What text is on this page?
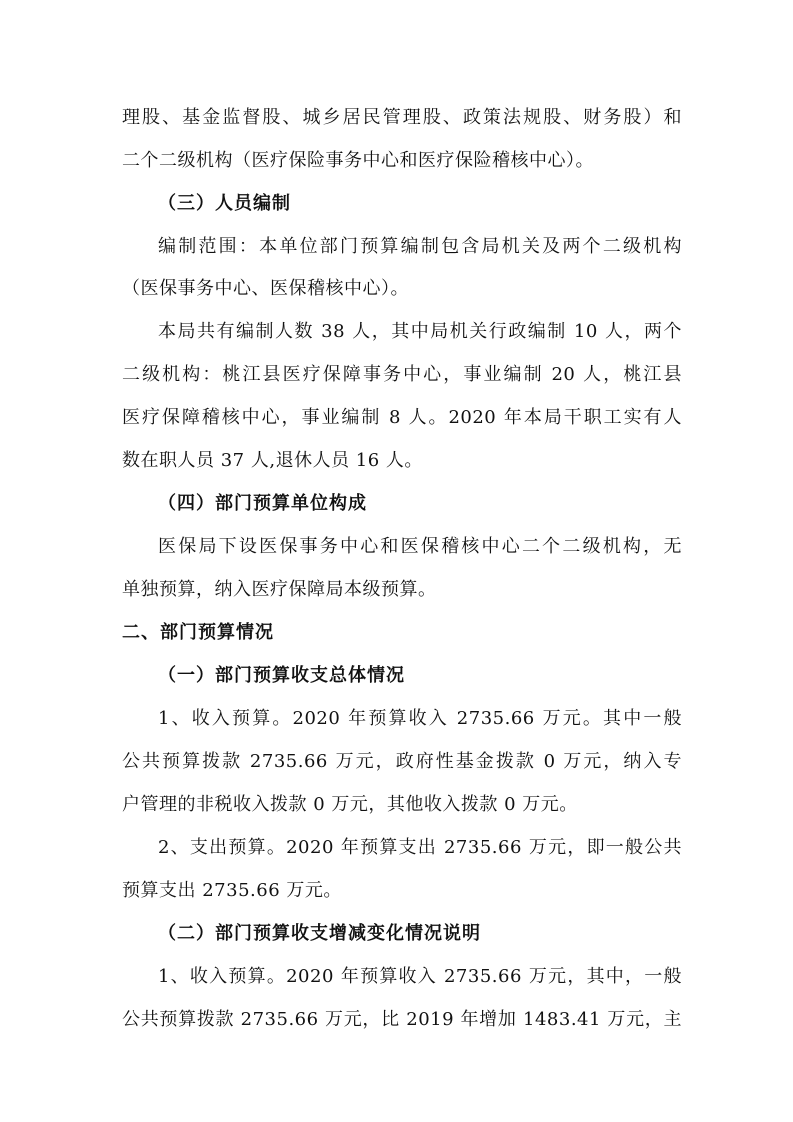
理股、基金监督股、城乡居民管理股、政策法规股、财务股）和
二个二级机构（医疗保险事务中心和医疗保险稽核中心）。
（三）人员编制
编制范围：本单位部门预算编制包含局机关及两个二级机构
（医保事务中心、医保稽核中心）。
本局共有编制人数 38 人，其中局机关行政编制 10 人，两个
二级机构：桃江县医疗保障事务中心，事业编制 20 人，桃江县
医疗保障稽核中心，事业编制 8 人。2020 年本局干职工实有人
数在职人员 37 人,退休人员 16 人。
（四）部门预算单位构成
医保局下设医保事务中心和医保稽核中心二个二级机构，无
单独预算，纳入医疗保障局本级预算。
二、部门预算情况
（一）部门预算收支总体情况
1、收入预算。2020 年预算收入 2735.66 万元。其中一般
公共预算拨款 2735.66 万元，政府性基金拨款 0 万元，纳入专
户管理的非税收入拨款 0 万元，其他收入拨款 0 万元。
2、支出预算。2020 年预算支出 2735.66 万元，即一般公共
预算支出 2735.66 万元。
（二）部门预算收支增减变化情况说明
1、收入预算。2020 年预算收入 2735.66 万元，其中，一般
公共预算拨款 2735.66 万元，比 2019 年增加 1483.41 万元，主
